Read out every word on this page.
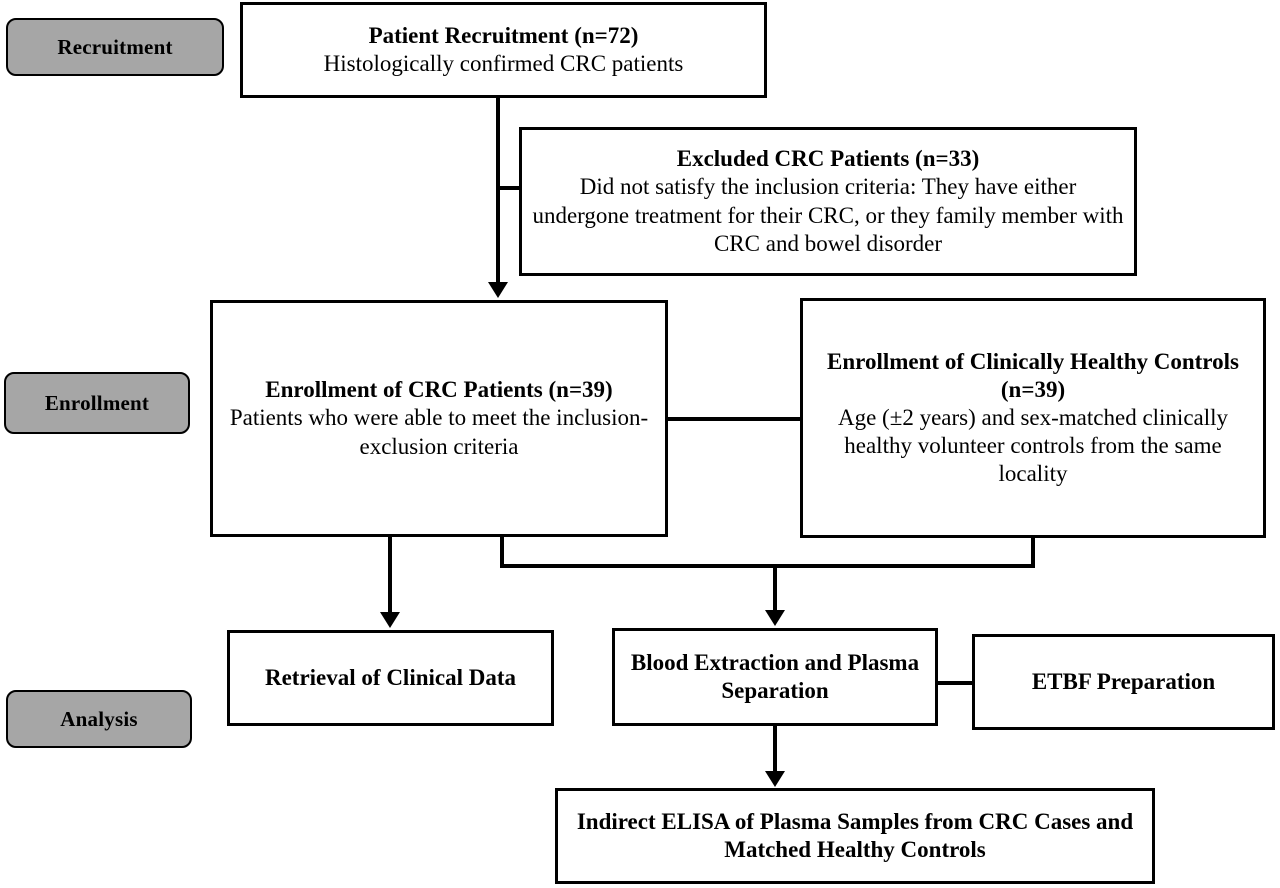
Recruitment
Enrollment
Analysis
Patient Recruitment (n=72)
Histologically confirmed CRC patients
Excluded CRC Patients (n=33)
Did not satisfy the inclusion criteria: They have either undergone treatment for their CRC, or they family member with CRC and bowel disorder
Enrollment of CRC Patients (n=39)
Patients who were able to meet the inclusion-exclusion criteria
Enrollment of Clinically Healthy Controls (n=39)
Age (±2 years) and sex-matched clinically healthy volunteer controls from the same locality
Retrieval of Clinical Data
Blood Extraction and Plasma Separation	ETBF Preparation
Indirect ELISA of Plasma Samples from CRC Cases and Matched Healthy Controls
